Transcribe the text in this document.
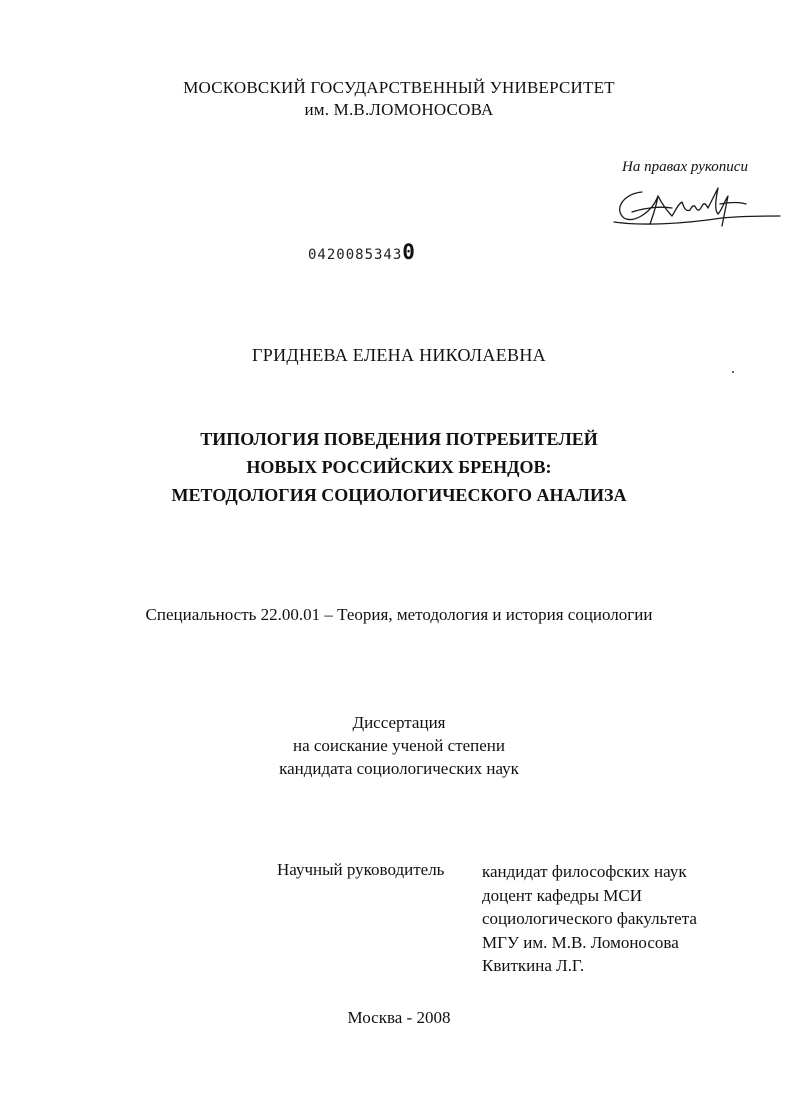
МОСКОВСКИЙ ГОСУДАРСТВЕННЫЙ УНИВЕРСИТЕТ
им. М.В.ЛОМОНОСОВА
На правах рукописи
042008534З0
ГРИДНЕВА ЕЛЕНА НИКОЛАЕВНА
ТИПОЛОГИЯ ПОВЕДЕНИЯ ПОТРЕБИТЕЛЕЙ
НОВЫХ РОССИЙСКИХ БРЕНДОВ:
МЕТОДОЛОГИЯ СОЦИОЛОГИЧЕСКОГО АНАЛИЗА
Специальность 22.00.01 – Теория, методология и история социологии
Диссертация
на соискание ученой степени
кандидата социологических наук
Научный руководитель кандидат философских наук
доцент кафедры МСИ
социологического факультета
МГУ им. М.В. Ломоносова
Квиткина Л.Г.
Москва - 2008
